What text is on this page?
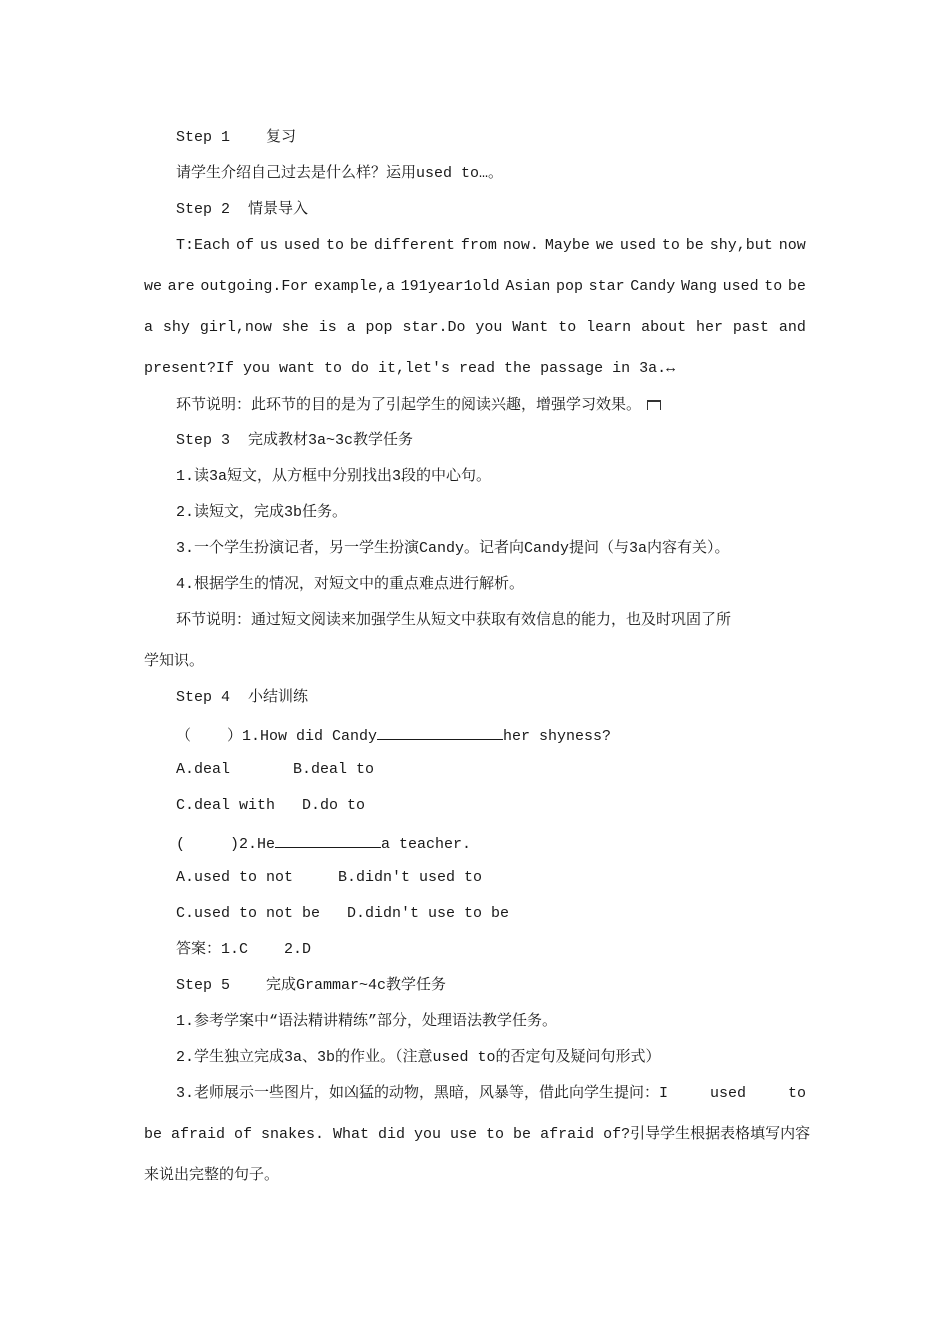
Step 1    复习
请学生介绍自己过去是什么样？运用used to…。
Step 2  情景导入
T:Each of us used to be different from now. Maybe we used to be shy,but now
we are outgoing.For example,a 191year1old Asian pop star Candy Wang used to be
a shy girl,now she is a pop star.Do you Want to learn about her past and
present?If you want to do it,let's read the passage in 3a.↔
环节说明：此环节的目的是为了引起学生的阅读兴趣，增强学习效果。
Step 3  完成教材3a~3c教学任务
1.读3a短文，从方框中分别找出3段的中心句。
2.读短文，完成3b任务。
3.一个学生扮演记者，另一学生扮演Candy。记者向Candy提问（与3a内容有关）。
4.根据学生的情况，对短文中的重点难点进行解析。
环节说明：通过短文阅读来加强学生从短文中获取有效信息的能力，也及时巩固了所
学知识。
Step 4  小结训练
（    ）1.How did Candy	her shyness?
A.deal       B.deal to
C.deal with   D.do to
(     )2.He	a teacher.
A.used to not     B.didn't used to
C.used to not be   D.didn't use to be
答案：1.C    2.D
Step 5    完成Grammar~4c教学任务
1.参考学案中“语法精讲精练”部分，处理语法教学任务。
2.学生独立完成3a、3b的作业。（注意used to的否定句及疑问句形式）
3.老师展示一些图片，如凶猛的动物，黑暗，风暴等，借此向学生提问：I	used	to
be afraid of snakes. What did you use to be afraid of?引导学生根据表格填写内容
来说出完整的句子。
